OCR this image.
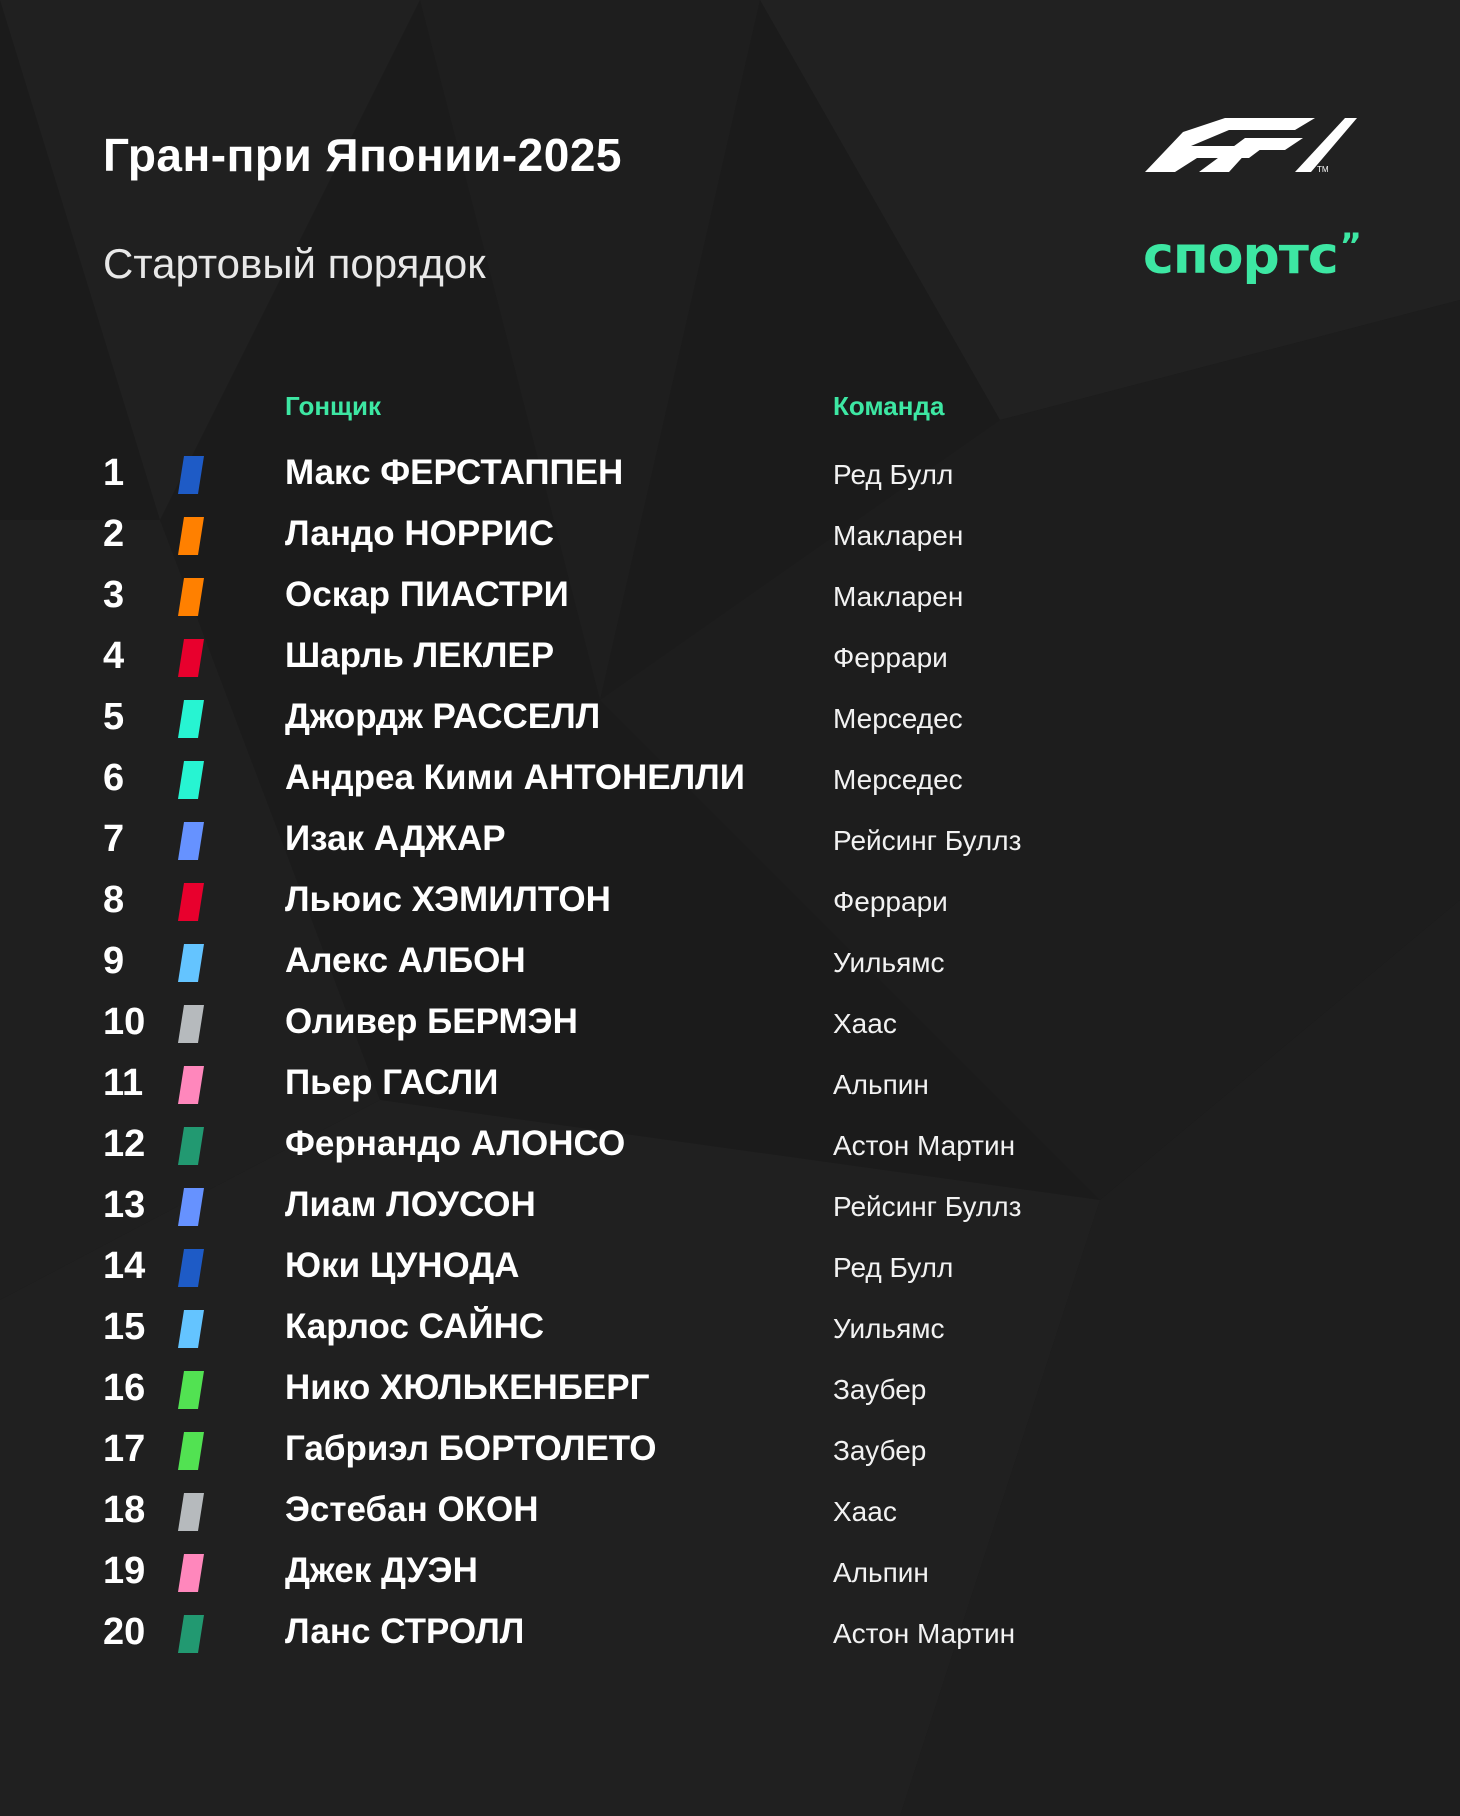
Гран-при Японии-2025
Стартовый порядок
TM
спортс”
Гонщик	Команда
1	Макс ФЕРСТАППЕН	Ред Булл
2	Ландо НОРРИС	Макларен
3	Оскар ПИАСТРИ	Макларен
4	Шарль ЛЕКЛЕР	Феррари
5	Джордж РАССЕЛЛ	Мерседес
6	Андреа Кими АНТОНЕЛЛИ	Мерседес
7	Изак АДЖАР	Рейсинг Буллз
8	Льюис ХЭМИЛТОН	Феррари
9	Алекс АЛБОН	Уильямс
10	Оливер БЕРМЭН	Хаас
11	Пьер ГАСЛИ	Альпин
12	Фернандо АЛОНСО	Астон Мартин
13	Лиам ЛОУСОН	Рейсинг Буллз
14	Юки ЦУНОДА	Ред Булл
15	Карлос САЙНС	Уильямс
16	Нико ХЮЛЬКЕНБЕРГ	Заубер
17	Габриэл БОРТОЛЕТО	Заубер
18	Эстебан ОКОН	Хаас
19	Джек ДУЭН	Альпин
20	Ланс СТРОЛЛ	Астон Мартин
